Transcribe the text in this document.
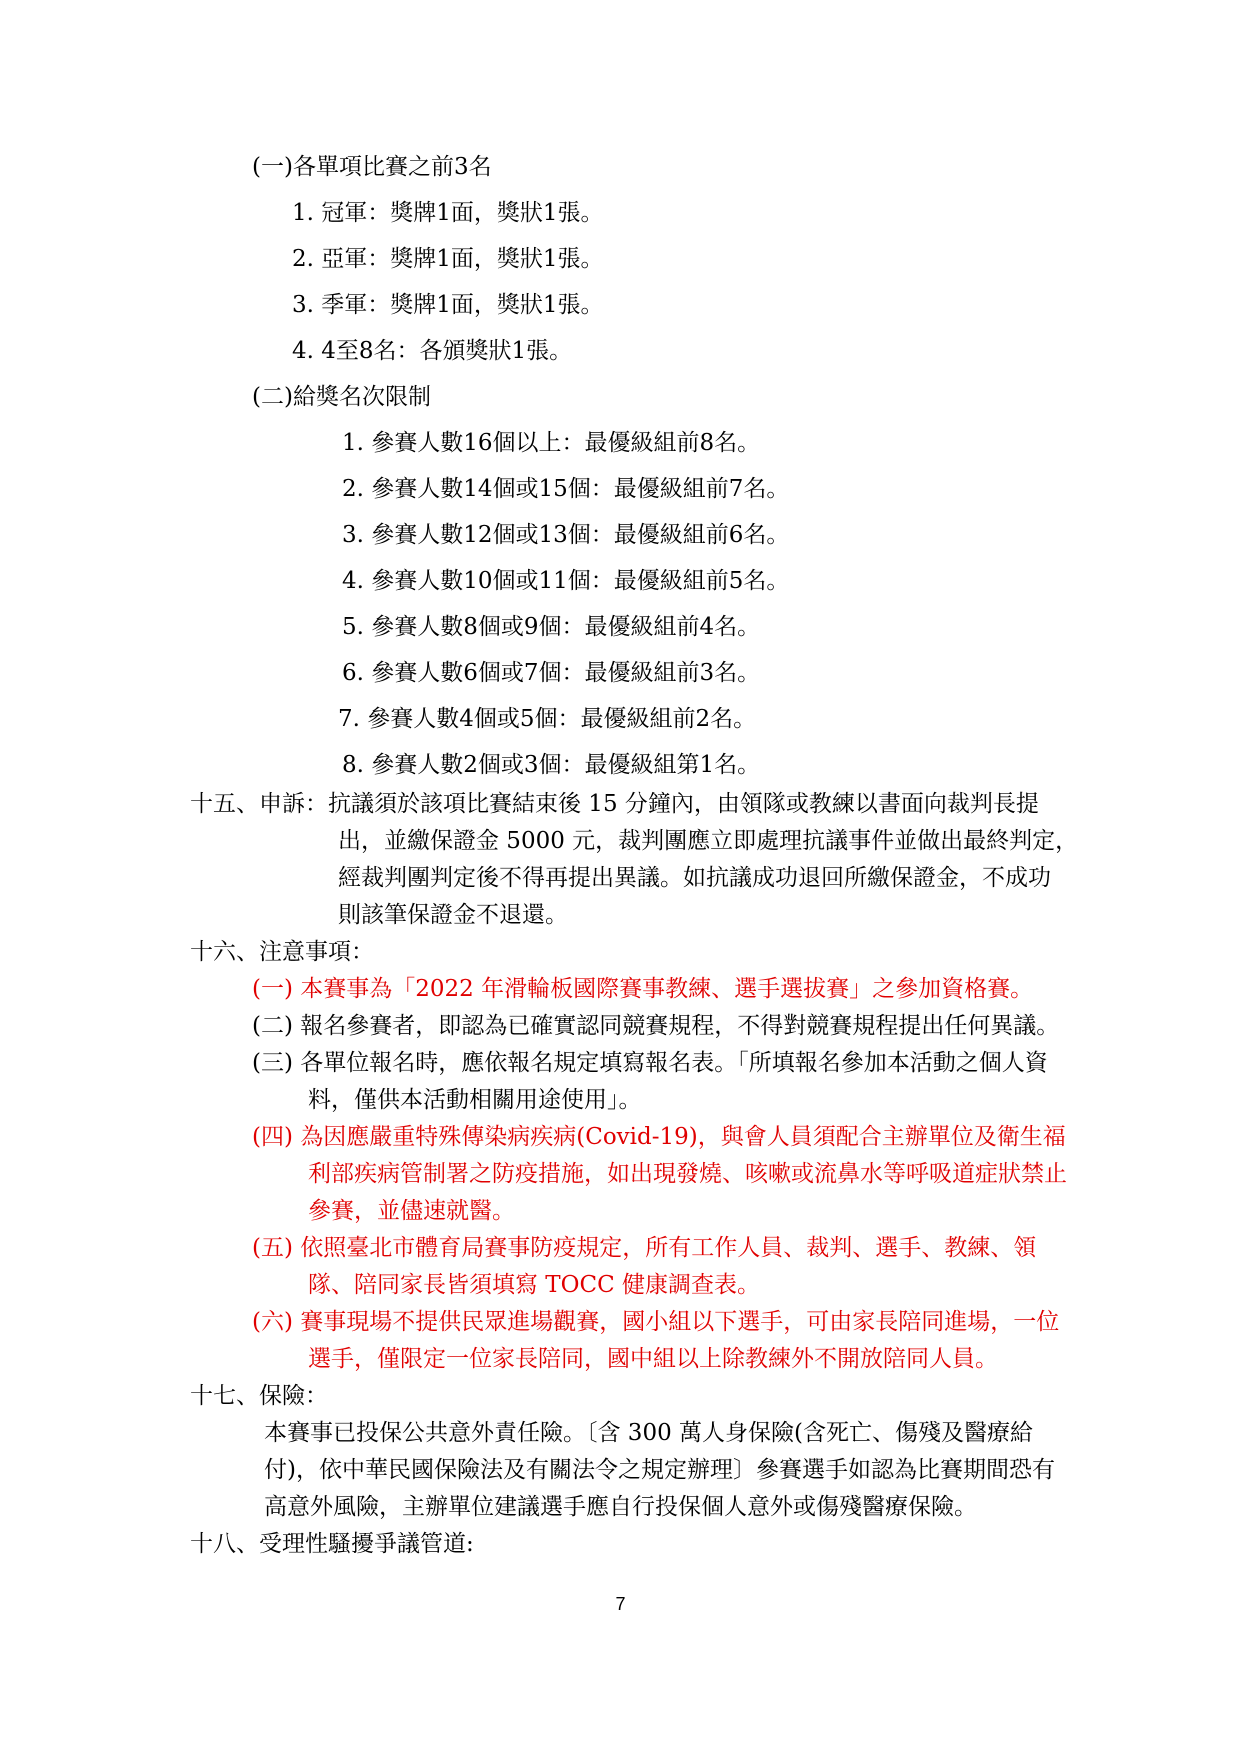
(一)各單項比賽之前3名
1. 冠軍：獎牌1面，獎狀1張。
2. 亞軍：獎牌1面，獎狀1張。
3. 季軍：獎牌1面，獎狀1張。
4. 4至8名：各頒獎狀1張。
(二)給獎名次限制
1. 參賽人數16個以上：最優級組前8名。
2. 參賽人數14個或15個：最優級組前7名。
3. 參賽人數12個或13個：最優級組前6名。
4. 參賽人數10個或11個：最優級組前5名。
5. 參賽人數8個或9個：最優級組前4名。
6. 參賽人數6個或7個：最優級組前3名。
7. 參賽人數4個或5個：最優級組前2名。
8. 參賽人數2個或3個：最優級組第1名。
十五、申訴：抗議須於該項比賽結束後 15 分鐘內，由領隊或教練以書面向裁判長提
出，並繳保證金 5000 元，裁判團應立即處理抗議事件並做出最終判定，
經裁判團判定後不得再提出異議。如抗議成功退回所繳保證金，不成功
則該筆保證金不退還。
十六、注意事項：
(一) 本賽事為「2022 年滑輪板國際賽事教練、選手選拔賽」之參加資格賽。
(二) 報名參賽者，即認為已確實認同競賽規程，不得對競賽規程提出任何異議。
(三) 各單位報名時，應依報名規定填寫報名表。「所填報名參加本活動之個人資
料，僅供本活動相關用途使用」。
(四) 為因應嚴重特殊傳染病疾病(Covid-19)，與會人員須配合主辦單位及衛生福
利部疾病管制署之防疫措施，如出現發燒、咳嗽或流鼻水等呼吸道症狀禁止
參賽，並儘速就醫。
(五) 依照臺北市體育局賽事防疫規定，所有工作人員、裁判、選手、教練、領
隊、陪同家長皆須填寫 TOCC 健康調查表。
(六) 賽事現場不提供民眾進場觀賽，國小組以下選手，可由家長陪同進場，一位
選手，僅限定一位家長陪同，國中組以上除教練外不開放陪同人員。
十七、保險：
本賽事已投保公共意外責任險。〔含 300 萬人身保險(含死亡、傷殘及醫療給
付)，依中華民國保險法及有關法令之規定辦理〕參賽選手如認為比賽期間恐有
高意外風險，主辦單位建議選手應自行投保個人意外或傷殘醫療保險。
十八、受理性騷擾爭議管道:
7
